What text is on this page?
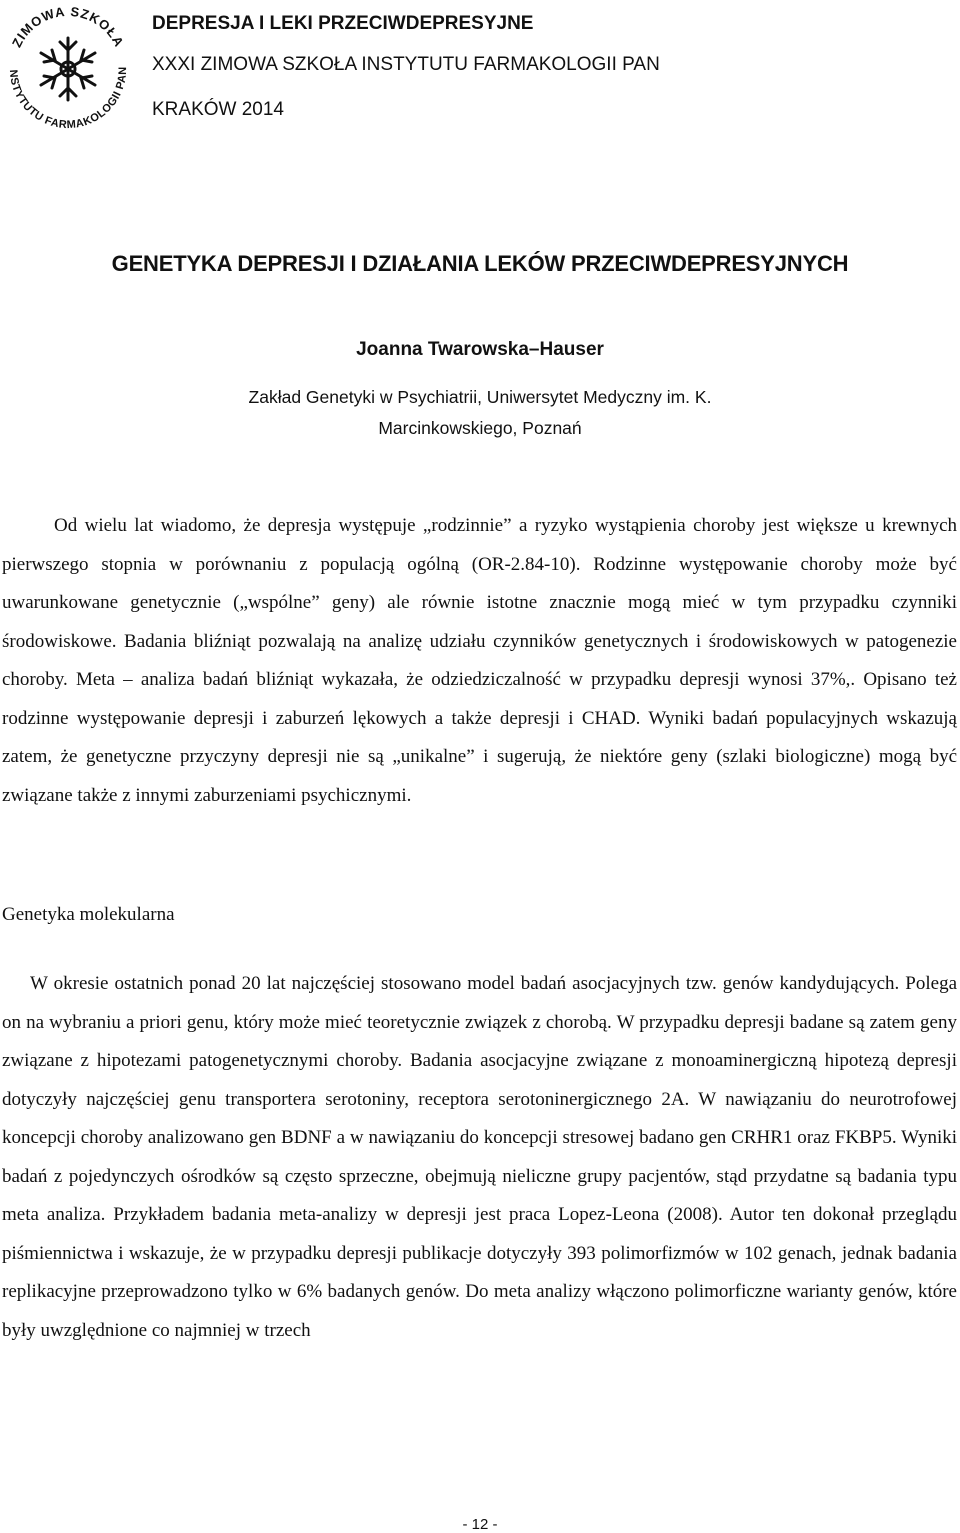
ZIMOWA SZKOŁA
NSTYTUTU FARMAKOLOGII PAN
DEPRESJA I LEKI PRZECIWDEPRESYJNE
XXXI ZIMOWA SZKOŁA INSTYTUTU FARMAKOLOGII PAN
KRAKÓW 2014
GENETYKA DEPRESJI I DZIAŁANIA LEKÓW PRZECIWDEPRESYJNYCH
Joanna Twarowska–Hauser
Zakład Genetyki w Psychiatrii, Uniwersytet Medyczny im. K.
Marcinkowskiego, Poznań

Od wielu lat wiadomo, że depresja występuje „rodzinnie” a ryzyko wystąpienia choroby jest większe u krewnych pierwszego stopnia w porównaniu z populacją ogólną (OR-2.84-10). Rodzinne występowanie choroby może być uwarunkowane genetycznie („wspólne” geny) ale równie istotne znacznie mogą mieć w tym przypadku czynniki środowiskowe. Badania bliźniąt pozwalają na analizę udziału czynników genetycznych i środowiskowych w patogenezie choroby. Meta – analiza badań bliźniąt wykazała, że odziedziczalność w przypadku depresji wynosi 37%,. Opisano też rodzinne występowanie depresji i zaburzeń lękowych a także depresji i CHAD. Wyniki badań populacyjnych wskazują zatem, że genetyczne przyczyny depresji nie są „unikalne” i sugerują, że niektóre geny (szlaki biologiczne) mogą być związane także z innymi zaburzeniami psychicznymi.

Genetyka molekularna

W okresie ostatnich ponad 20 lat najczęściej stosowano model badań asocjacyjnych tzw. genów kandydujących. Polega on na wybraniu a priori genu, który może mieć teoretycznie związek z chorobą. W przypadku depresji badane są zatem geny związane z hipotezami patogenetycznymi choroby. Badania asocjacyjne związane z monoaminergiczną hipotezą depresji dotyczyły najczęściej genu transportera serotoniny, receptora serotoninergicznego 2A. W nawiązaniu do neurotrofowej koncepcji choroby analizowano gen BDNF a w nawiązaniu do koncepcji stresowej badano gen CRHR1 oraz FKBP5. Wyniki badań z pojedynczych ośrodków są często sprzeczne, obejmują nieliczne grupy pacjentów, stąd przydatne są badania typu meta analiza. Przykładem badania meta-analizy w depresji jest praca Lopez-Leona (2008). Autor ten dokonał przeglądu piśmiennictwa i wskazuje, że w przypadku depresji publikacje dotyczyły 393 polimorfizmów w 102 genach, jednak badania replikacyjne przeprowadzono tylko w 6% badanych genów. Do meta analizy włączono polimorficzne warianty genów, które były uwzględnione co najmniej w trzech

- 12 -
